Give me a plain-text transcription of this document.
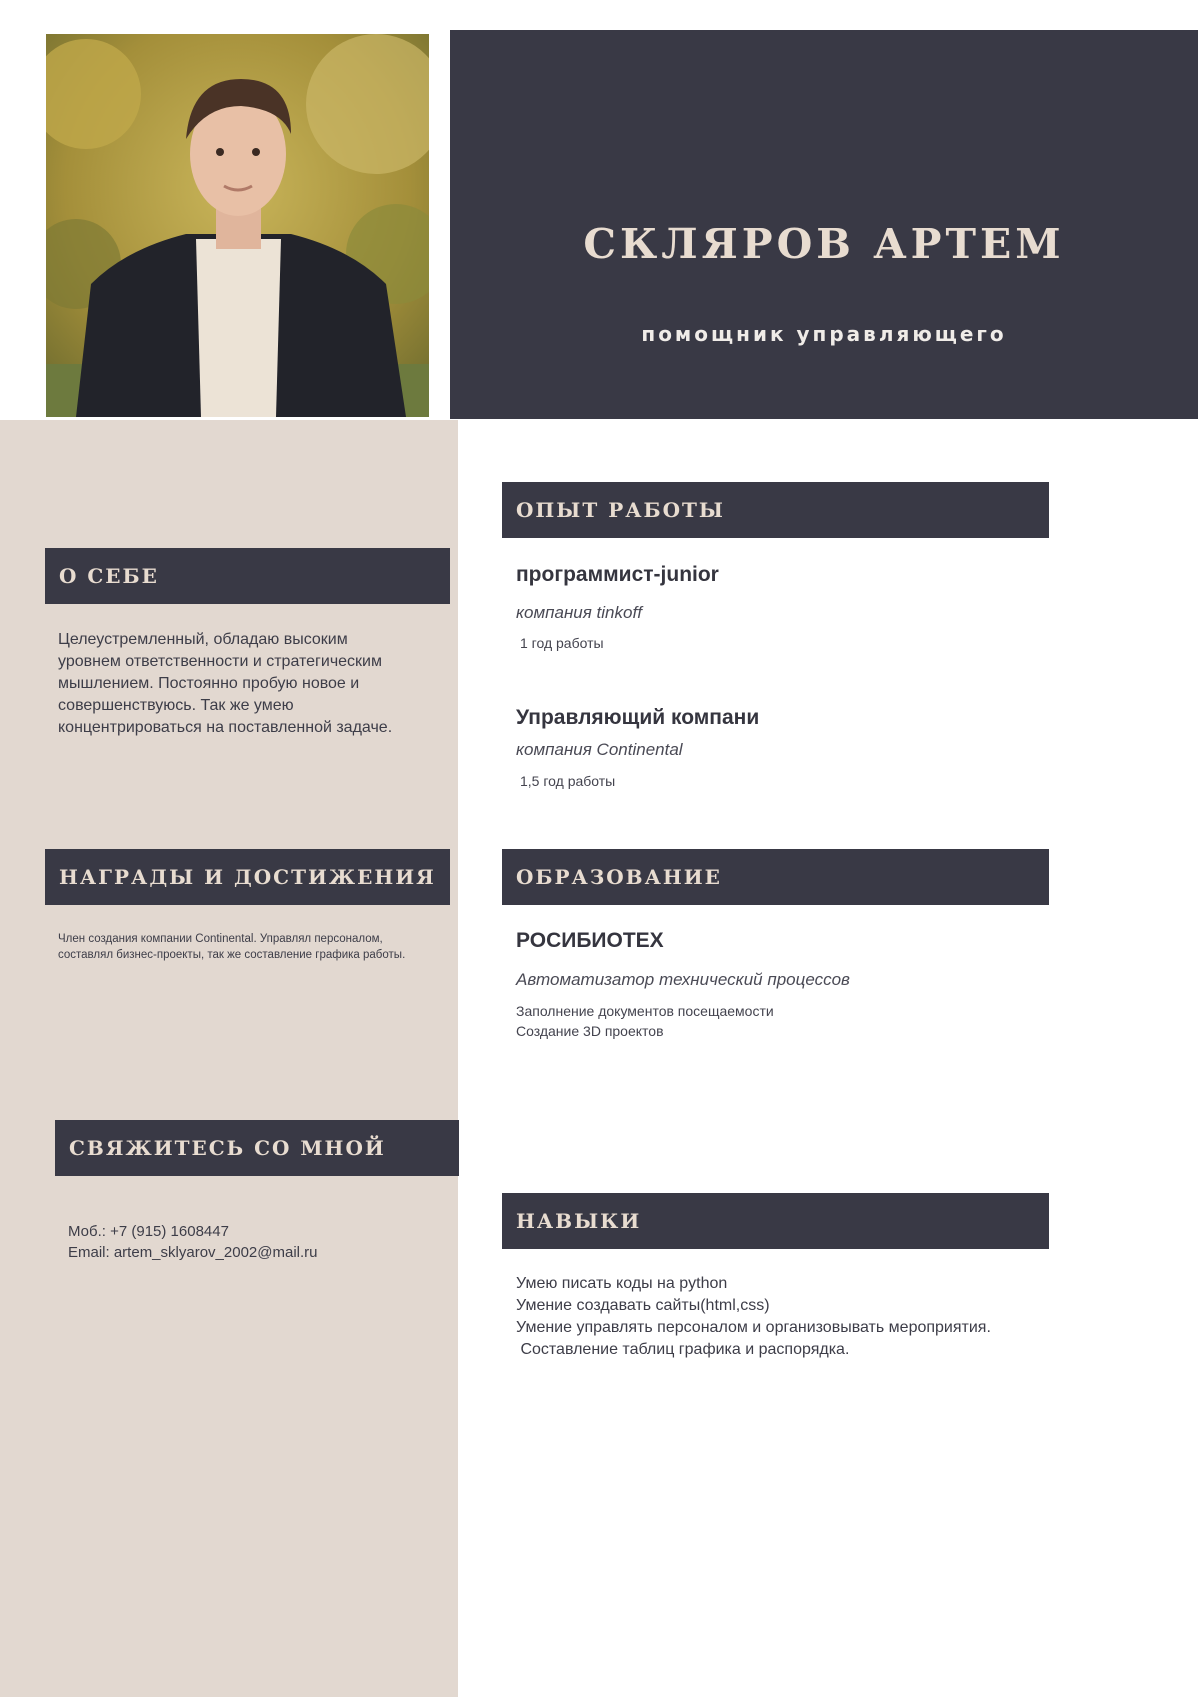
СКЛЯРОВ АРТЕМ
помощник управляющего
О СЕБЕ
Целеустремленный, обладаю высоким
уровнем ответственности и стратегическим
мышлением. Постоянно пробую новое и
совершенствуюсь. Так же умею
концентрироваться на поставленной задаче.
НАГРАДЫ И ДОСТИЖЕНИЯ
Член создания компании Continental. Управлял персоналом,
составлял бизнес-проекты, так же составление графика работы.
СВЯЖИТЕСЬ СО МНОЙ
Моб.: +7 (915) 1608447
Email: artem_sklyarov_2002@mail.ru
ОПЫТ РАБОТЫ
программист-junior
компания tinkoff
1 год работы
Управляющий компани
компания Continental
1,5 год работы
ОБРАЗОВАНИЕ
РОСИБИОТЕХ
Автоматизатор технический процессов
Заполнение документов посещаемости
Создание 3D проектов
НАВЫКИ
Умею писать коды на python
Умение создавать сайты(html,css)
Умение управлять персоналом и организовывать мероприятия.
Составление таблиц графика и распорядка.
